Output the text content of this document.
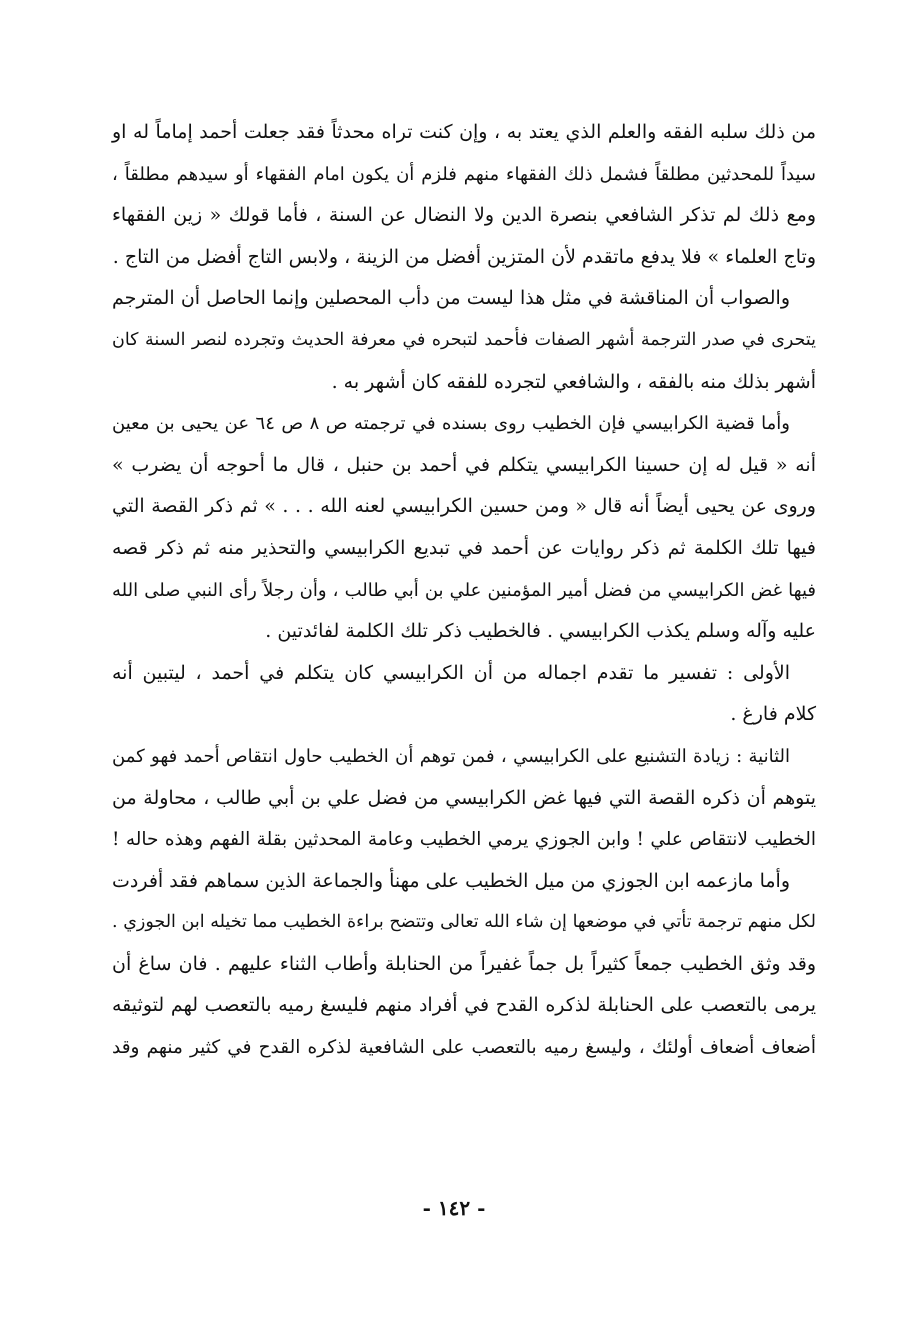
من ذلك سلبه الفقه والعلم الذي يعتد به ، وإن كنت تراه محدثاً فقد جعلت أحمد إماماً له او
سيداً للمحدثين مطلقاً فشمل ذلك الفقهاء منهم فلزم أن يكون امام الفقهاء أو سيدهم مطلقاً ،
ومع ذلك لم تذكر الشافعي بنصرة الدين ولا النضال عن السنة ، فأما قولك « زين الفقهاء
وتاج العلماء » فلا يدفع ماتقدم لأن المتزين أفضل من الزينة ، ولابس التاج أفضل من التاج .

والصواب أن المناقشة في مثل هذا ليست من دأب المحصلين وإنما الحاصل أن المترجم
يتحرى في صدر الترجمة أشهر الصفات فأحمد لتبحره في معرفة الحديث وتجرده لنصر السنة كان
أشهر بذلك منه بالفقه ، والشافعي لتجرده للفقه كان أشهر به .

وأما قضية الكرابيسي فإن الخطيب روى بسنده في ترجمته ص ٨ ص ٦٤ عن يحيى بن معين
أنه « قيل له إن حسينا الكرابيسي يتكلم في أحمد بن حنبل ، قال ما أحوجه أن يضرب »
وروى عن يحيى أيضاً أنه قال « ومن حسين الكرابيسي لعنه الله . . . » ثم ذكر القصة التي
فيها تلك الكلمة ثم ذكر روايات عن أحمد في تبديع الكرابيسي والتحذير منه ثم ذكر قصه
فيها غض الكرابيسي من فضل أمير المؤمنين علي بن أبي طالب ، وأن رجلاً رأى النبي صلى الله
عليه وآله وسلم يكذب الكرابيسي . فالخطيب ذكر تلك الكلمة لفائدتين .

الأولى : تفسير ما تقدم اجماله من أن الكرابيسي كان يتكلم في أحمد ، ليتبين أنه
كلام فارغ .

الثانية : زيادة التشنيع على الكرابيسي ، فمن توهم أن الخطيب حاول انتقاص أحمد فهو كمن
يتوهم أن ذكره القصة التي فيها غض الكرابيسي من فضل علي بن أبي طالب ، محاولة من
الخطيب لانتقاص علي ! وابن الجوزي يرمي الخطيب وعامة المحدثين بقلة الفهم وهذه حاله !

وأما مازعمه ابن الجوزي من ميل الخطيب على مهنأ والجماعة الذين سماهم فقد أفردت
لكل منهم ترجمة تأتي في موضعها إن شاء الله تعالى وتتضح براءة الخطيب مما تخيله ابن الجوزي .
وقد وثق الخطيب جمعاً كثيراً بل جماً غفيراً من الحنابلة وأطاب الثناء عليهم . فان ساغ أن
يرمى بالتعصب على الحنابلة لذكره القدح في أفراد منهم فليسغ رميه بالتعصب لهم لتوثيقه
أضعاف أضعاف أولئك ، وليسغ رميه بالتعصب على الشافعية لذكره القدح في كثير منهم وقد

- ١٤٢ -
